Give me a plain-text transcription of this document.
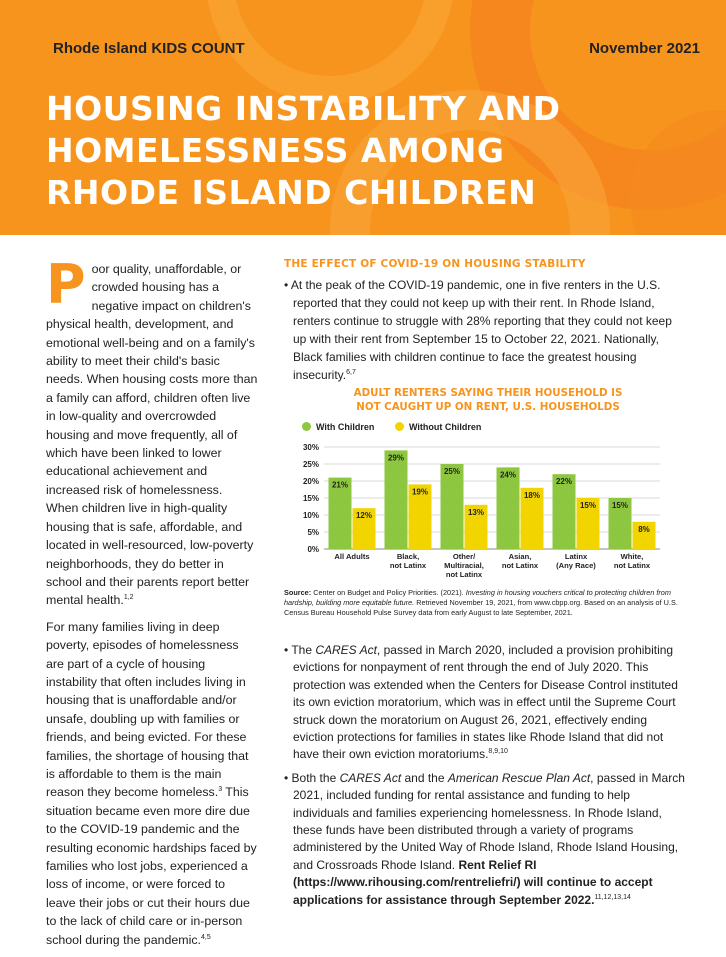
Rhode Island KIDS COUNT	November 2021
HOUSING INSTABILITY AND
HOMELESSNESS AMONG
RHODE ISLAND CHILDREN

Poor quality, unaffordable, or crowded housing has a negative impact on children's physical health, development, and emotional well-being and on a family's ability to meet their child's basic needs. When housing costs more than a family can afford, children often live in low-quality and overcrowded housing and move frequently, all of which have been linked to lower educational achievement and increased risk of homelessness. When children live in high-quality housing that is safe, affordable, and located in well-resourced, low-poverty neighborhoods, they do better in school and their parents report better mental health.$^{1,2}$

For many families living in deep poverty, episodes of homelessness are part of a cycle of housing instability that often includes living in housing that is unaffordable and/or unsafe, doubling up with families or friends, and being evicted. For these families, the shortage of housing that is affordable to them is the main reason they become homeless.$^3$ This situation became even more dire due to the COVID-19 pandemic and the resulting economic hardships faced by families who lost jobs, experienced a loss of income, or were forced to leave their jobs or cut their hours due to the lack of child care or in-person school during the pandemic.$^{4,5}$

THE EFFECT OF COVID-19 ON HOUSING STABILITY

• At the peak of the COVID-19 pandemic, one in five renters in the U.S. reported that they could not keep up with their rent. In Rhode Island, renters continue to struggle with 28% reporting that they could not keep up with their rent from September 15 to October 22, 2021. Nationally, Black families with children continue to face the greatest housing insecurity.$^{6,7}$

ADULT RENTERS SAYING THEIR HOUSEHOLD IS
NOT CAUGHT UP ON RENT, U.S. HOUSEHOLDS
With Children	Without Children
0%
5%
10%
15%
20%
25%
30%
21%
12%
All Adults
29%
19%
Black,
not Latinx
25%
13%
Other/
Multiracial,
not Latinx
24%
18%
Asian,
not Latinx
22%
15%
Latinx
(Any Race)
15%
8%
White,
not Latinx
Source: Center on Budget and Policy Priorities. (2021). Investing in housing vouchers critical to protecting children from hardship, building more equitable future. Retrieved November 19, 2021, from www.cbpp.org. Based on an analysis of U.S. Census Bureau Household Pulse Survey data from early August to late September, 2021.

• The CARES Act, passed in March 2020, included a provision prohibiting evictions for nonpayment of rent through the end of July 2020. This protection was extended when the Centers for Disease Control instituted its own eviction moratorium, which was in effect until the Supreme Court struck down the moratorium on August 26, 2021, effectively ending eviction protections for families in states like Rhode Island that did not have their own eviction moratoriums.$^{8,9,10}$

• Both the CARES Act and the American Rescue Plan Act, passed in March 2021, included funding for rental assistance and funding to help individuals and families experiencing homelessness. In Rhode Island, these funds have been distributed through a variety of programs administered by the United Way of Rhode Island, Rhode Island Housing, and Crossroads Rhode Island. Rent Relief RI (https://www.rihousing.com/rentreliefri/) will continue to accept applications for assistance through September 2022.$^{11,12,13,14}$
